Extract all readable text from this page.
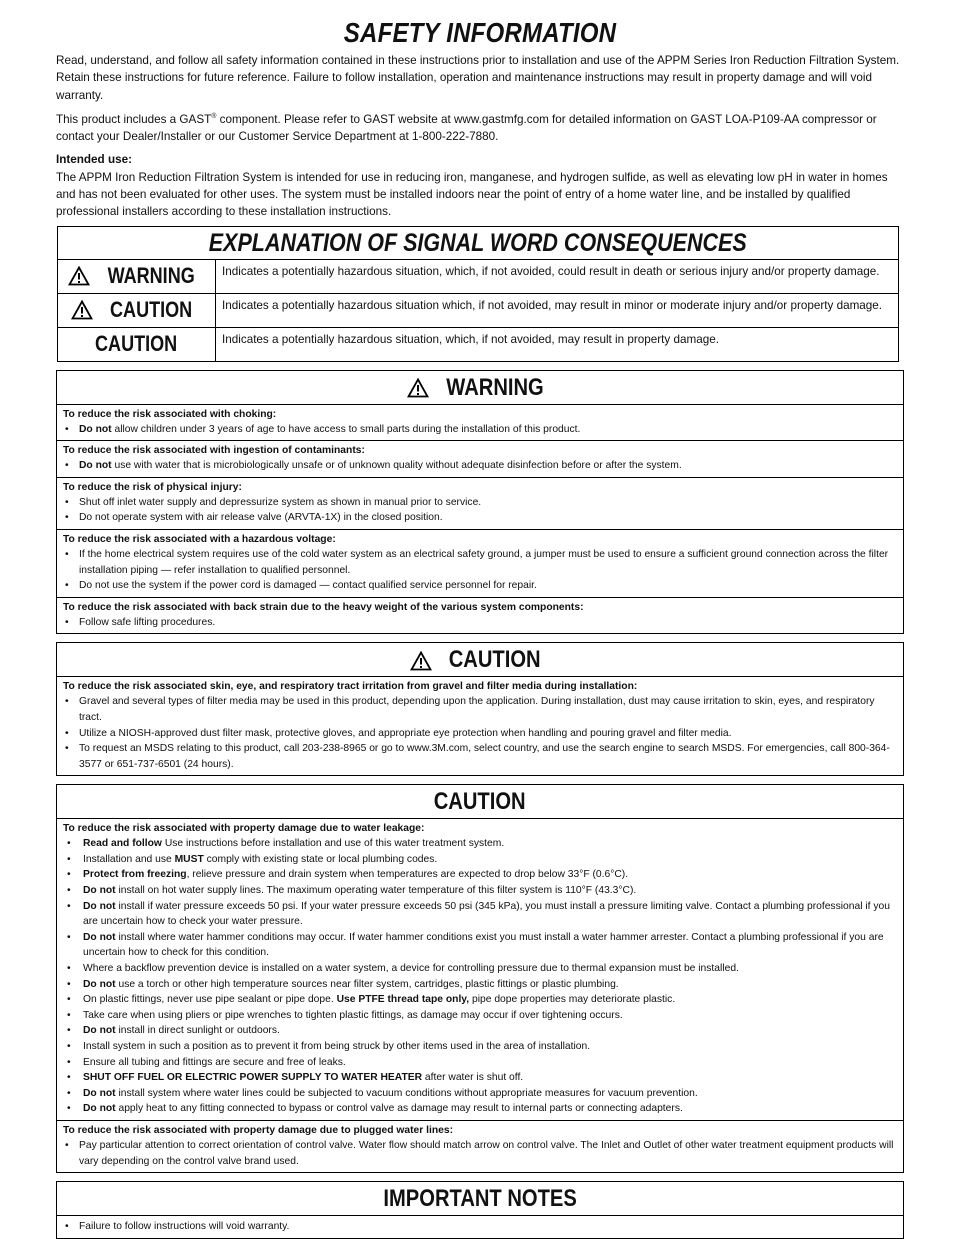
SAFETY INFORMATION

Read, understand, and follow all safety information contained in these instructions prior to installation and use of the APPM Series Iron Reduction Filtration System. Retain these instructions for future reference. Failure to follow installation, operation and maintenance instructions may result in property damage and will void warranty.

This product includes a GAST® component. Please refer to GAST website at www.gastmfg.com for detailed information on GAST LOA-P109-AA compressor or contact your Dealer/Installer or our Customer Service Department at 1-800-222-7880.

Intended use:

The APPM Iron Reduction Filtration System is intended for use in reducing iron, manganese, and hydrogen sulfide, as well as elevating low pH in water in homes and has not been evaluated for other uses. The system must be installed indoors near the point of entry of a home water line, and be installed by qualified professional installers according to these installation instructions.

EXPLANATION OF SIGNAL WORD CONSEQUENCES
WARNING	Indicates a potentially hazardous situation, which, if not avoided, could result in death or serious injury and/or property damage.
CAUTION	Indicates a potentially hazardous situation which, if not avoided, may result in minor or moderate injury and/or property damage.
CAUTION	Indicates a potentially hazardous situation, which, if not avoided, may result in property damage.
WARNING
To reduce the risk associated with choking:
• Do not allow children under 3 years of age to have access to small parts during the installation of this product.
To reduce the risk associated with ingestion of contaminants:
• Do not use with water that is microbiologically unsafe or of unknown quality without adequate disinfection before or after the system.
To reduce the risk of physical injury:
• Shut off inlet water supply and depressurize system as shown in manual prior to service.
• Do not operate system with air release valve (ARVTA-1X) in the closed position.
To reduce the risk associated with a hazardous voltage:
• If the home electrical system requires use of the cold water system as an electrical safety ground, a jumper must be used to ensure a sufficient ground connection across the filter installation piping — refer installation to qualified personnel.
• Do not use the system if the power cord is damaged — contact qualified service personnel for repair.
To reduce the risk associated with back strain due to the heavy weight of the various system components:
• Follow safe lifting procedures.
CAUTION
To reduce the risk associated skin, eye, and respiratory tract irritation from gravel and filter media during installation:
• Gravel and several types of filter media may be used in this product, depending upon the application. During installation, dust may cause irritation to skin, eyes, and respiratory tract.
• Utilize a NIOSH-approved dust filter mask, protective gloves, and appropriate eye protection when handling and pouring gravel and filter media.
• To request an MSDS relating to this product, call 203-238-8965 or go to www.3M.com, select country, and use the search engine to search MSDS. For emergencies, call 800-364-3577 or 651-737-6501 (24 hours).
CAUTION
To reduce the risk associated with property damage due to water leakage:
• Read and follow Use instructions before installation and use of this water treatment system.
• Installation and use MUST comply with existing state or local plumbing codes.
• Protect from freezing, relieve pressure and drain system when temperatures are expected to drop below 33°F (0.6°C).
• Do not install on hot water supply lines. The maximum operating water temperature of this filter system is 110°F (43.3°C).
• Do not install if water pressure exceeds 50 psi. If your water pressure exceeds 50 psi (345 kPa), you must install a pressure limiting valve. Contact a plumbing professional if you are uncertain how to check your water pressure.
• Do not install where water hammer conditions may occur. If water hammer conditions exist you must install a water hammer arrester. Contact a plumbing professional if you are uncertain how to check for this condition.
• Where a backflow prevention device is installed on a water system, a device for controlling pressure due to thermal expansion must be installed.
• Do not use a torch or other high temperature sources near filter system, cartridges, plastic fittings or plastic plumbing.
• On plastic fittings, never use pipe sealant or pipe dope. Use PTFE thread tape only, pipe dope properties may deteriorate plastic.
• Take care when using pliers or pipe wrenches to tighten plastic fittings, as damage may occur if over tightening occurs.
• Do not install in direct sunlight or outdoors.
• Install system in such a position as to prevent it from being struck by other items used in the area of installation.
• Ensure all tubing and fittings are secure and free of leaks.
• SHUT OFF FUEL OR ELECTRIC POWER SUPPLY TO WATER HEATER after water is shut off.
• Do not install system where water lines could be subjected to vacuum conditions without appropriate measures for vacuum prevention.
• Do not apply heat to any fitting connected to bypass or control valve as damage may result to internal parts or connecting adapters.
To reduce the risk associated with property damage due to plugged water lines:
• Pay particular attention to correct orientation of control valve. Water flow should match arrow on control valve. The Inlet and Outlet of other water treatment equipment products will vary depending on the control valve brand used.
IMPORTANT NOTES
• Failure to follow instructions will void warranty.
